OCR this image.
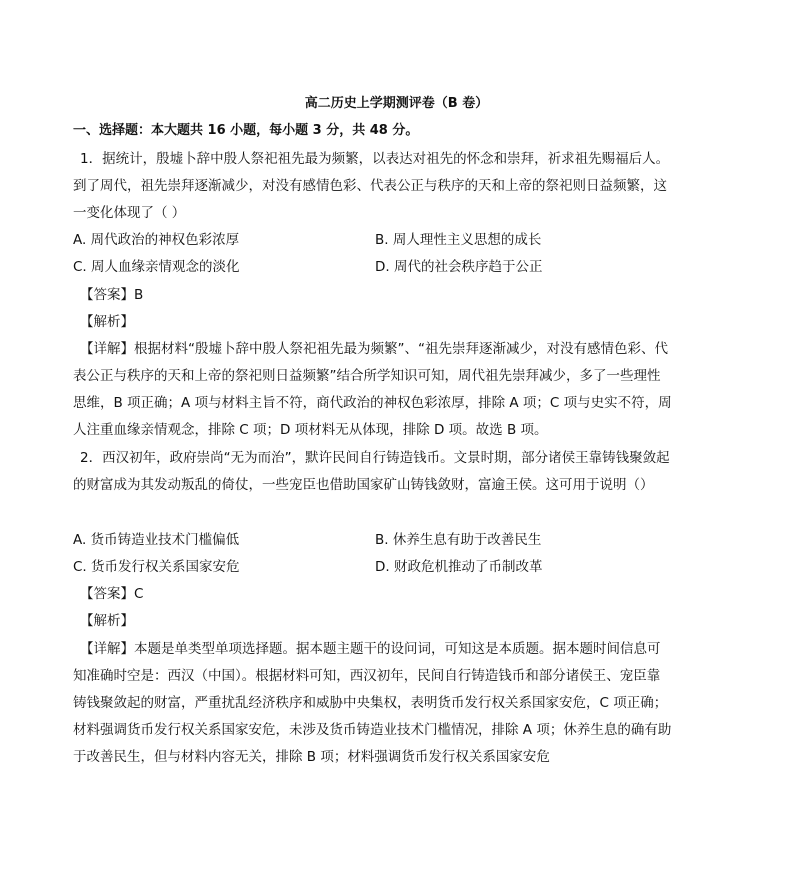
高二历史上学期测评卷（B 卷）
一、选择题：本大题共 16 小题，每小题 3 分，共 48 分。

1．据统计，殷墟卜辞中殷人祭祀祖先最为频繁，以表达对祖先的怀念和崇拜，祈求祖先赐福后人。到了周代，祖先崇拜逐渐减少，对没有感情色彩、代表公正与秩序的天和上帝的祭祀则日益频繁，这一变化体现了（ ）

A. 周代政治的神权色彩浓厚	B. 周人理性主义思想的成长
C. 周人血缘亲情观念的淡化	D. 周代的社会秩序趋于公正
【答案】B
【解析】

【详解】根据材料“殷墟卜辞中殷人祭祀祖先最为频繁”、“祖先崇拜逐渐减少，对没有感情色彩、代表公正与秩序的天和上帝的祭祀则日益频繁”结合所学知识可知，周代祖先崇拜减少，多了一些理性思维，B 项正确；A 项与材料主旨不符，商代政治的神权色彩浓厚，排除 A 项；C 项与史实不符，周人注重血缘亲情观念，排除 C 项；D 项材料无从体现，排除 D 项。故选 B 项。

2．西汉初年，政府崇尚“无为而治”，默许民间自行铸造钱币。文景时期，部分诸侯王靠铸钱聚敛起的财富成为其发动叛乱的倚仗，一些宠臣也借助国家矿山铸钱敛财，富逾王侯。这可用于说明（）

A. 货币铸造业技术门槛偏低	B. 休养生息有助于改善民生
C. 货币发行权关系国家安危	D. 财政危机推动了币制改革
【答案】C
【解析】

【详解】本题是单类型单项选择题。据本题主题干的设问词，可知这是本质题。据本题时间信息可知准确时空是：西汉（中国）。根据材料可知，西汉初年，民间自行铸造钱币和部分诸侯王、宠臣靠铸钱聚敛起的财富，严重扰乱经济秩序和威胁中央集权，表明货币发行权关系国家安危，C 项正确；材料强调货币发行权关系国家安危，未涉及货币铸造业技术门槛情况，排除 A 项；休养生息的确有助于改善民生，但与材料内容无关，排除 B 项；材料强调货币发行权关系国家安危
